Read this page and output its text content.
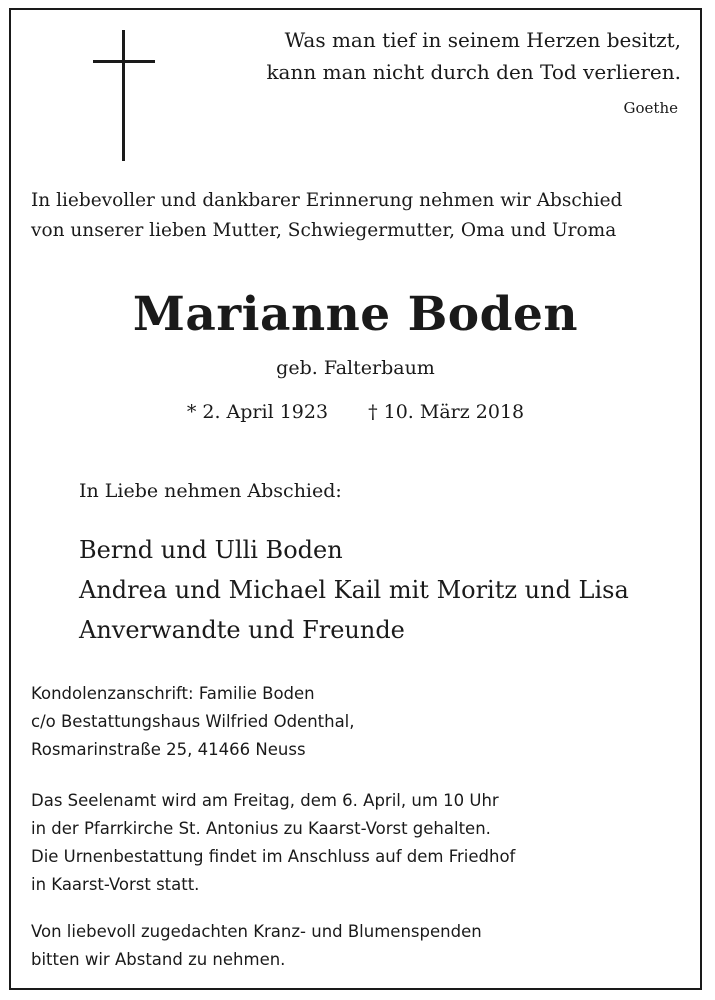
Was man tief in seinem Herzen besitzt,
kann man nicht durch den Tod verlieren.
Goethe
In liebevoller und dankbarer Erinnerung nehmen wir Abschied
von unserer lieben Mutter, Schwiegermutter, Oma und Uroma
Marianne Boden
geb. Falterbaum
* 2. April 1923 † 10. März 2018
In Liebe nehmen Abschied:
Bernd und Ulli Boden
Andrea und Michael Kail mit Moritz und Lisa
Anverwandte und Freunde
Kondolenzanschrift: Familie Boden
c/o Bestattungshaus Wilfried Odenthal,
Rosmarinstraße 25, 41466 Neuss
Das Seelenamt wird am Freitag, dem 6. April, um 10 Uhr
in der Pfarrkirche St. Antonius zu Kaarst-Vorst gehalten.
Die Urnenbestattung findet im Anschluss auf dem Friedhof
in Kaarst-Vorst statt.
Von liebevoll zugedachten Kranz- und Blumenspenden
bitten wir Abstand zu nehmen.
